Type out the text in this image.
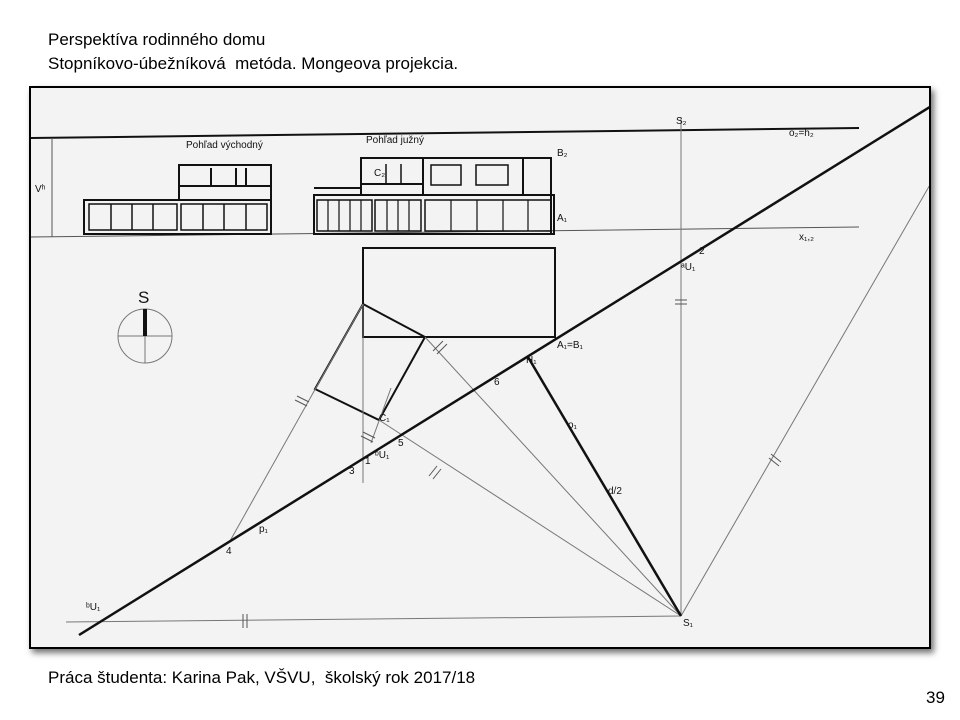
Perspektíva rodinného domu
Stopníkovo-úbežníková  metóda. Mongeova projekcia.
Pohľad východný	Pohľad južný
Vʰ
S₂
o₂=h₂
B₂
C₂
A₁
x₁,₂
S
2
ᵃU₁
A₁=B₁
H₁
6
o₁
C₁
5
ᵇU₁
1
3
d/2
p₁
4
ᵇU₁
S₁
Práca študenta: Karina Pak, VŠVU,  školský rok 2017/18
39
